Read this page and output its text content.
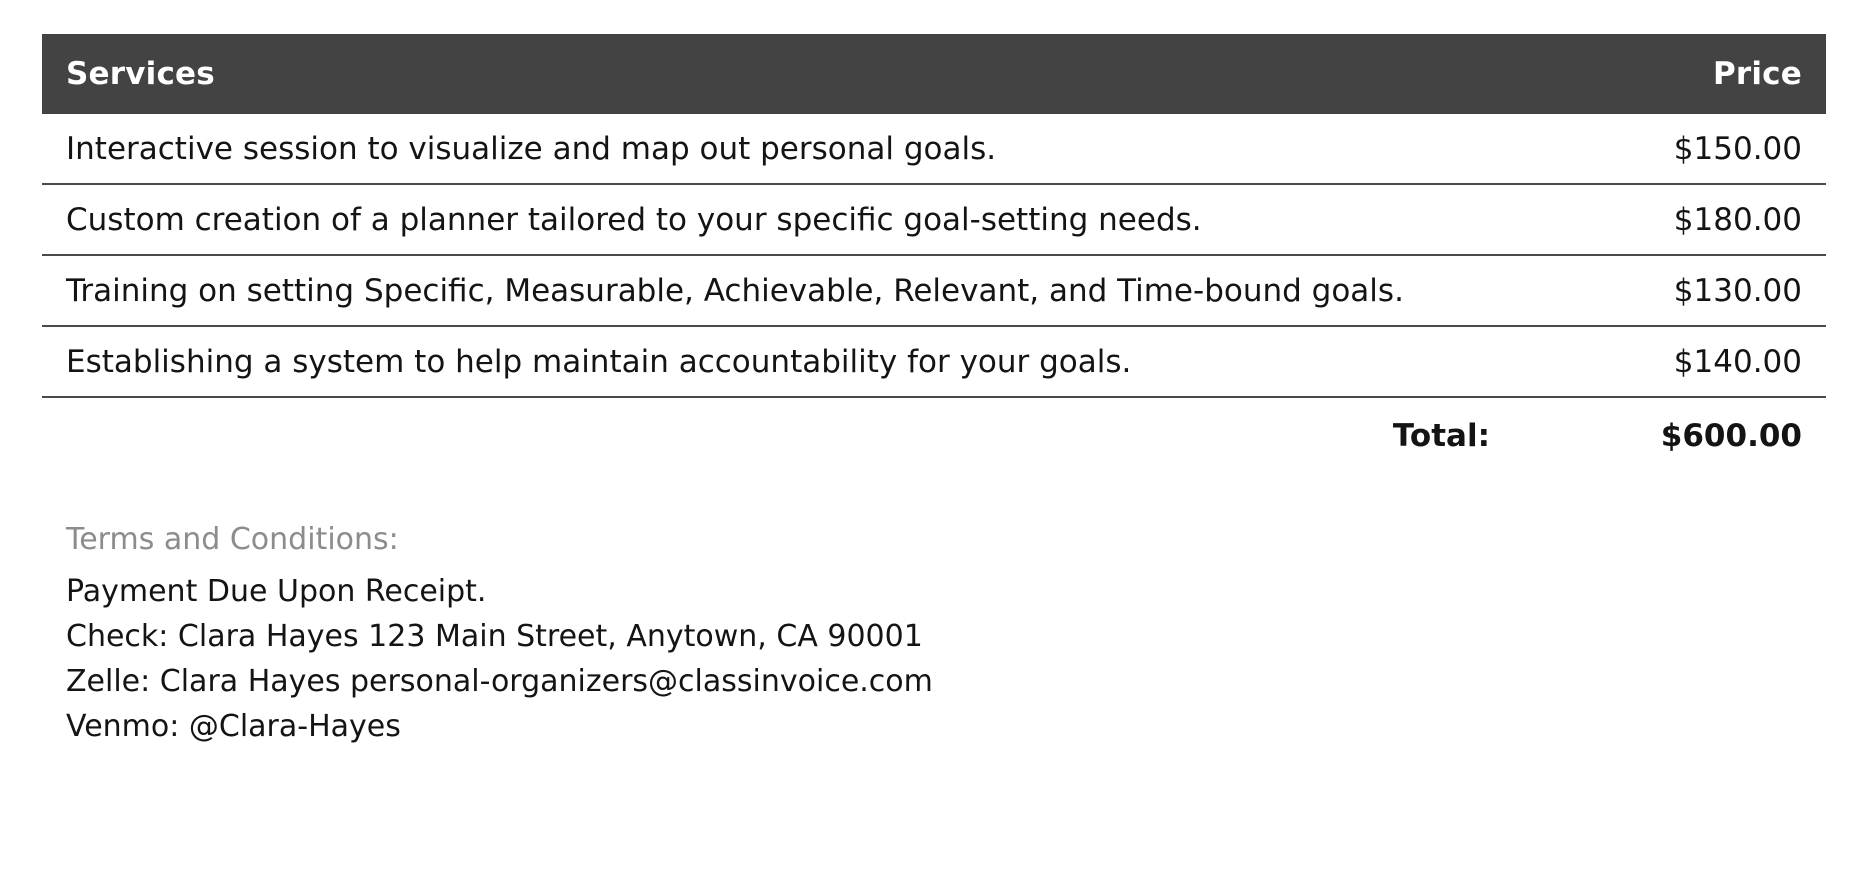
Services	Price
Interactive session to visualize and map out personal goals.	$150.00
Custom creation of a planner tailored to your specific goal-setting needs.	$180.00
Training on setting Specific, Measurable, Achievable, Relevant, and Time-bound goals.	$130.00
Establishing a system to help maintain accountability for your goals.	$140.00
Total:	$600.00
Terms and Conditions:
Payment Due Upon Receipt.
Check: Clara Hayes 123 Main Street, Anytown, CA 90001
Zelle: Clara Hayes personal-organizers@classinvoice.com
Venmo: @Clara-Hayes
